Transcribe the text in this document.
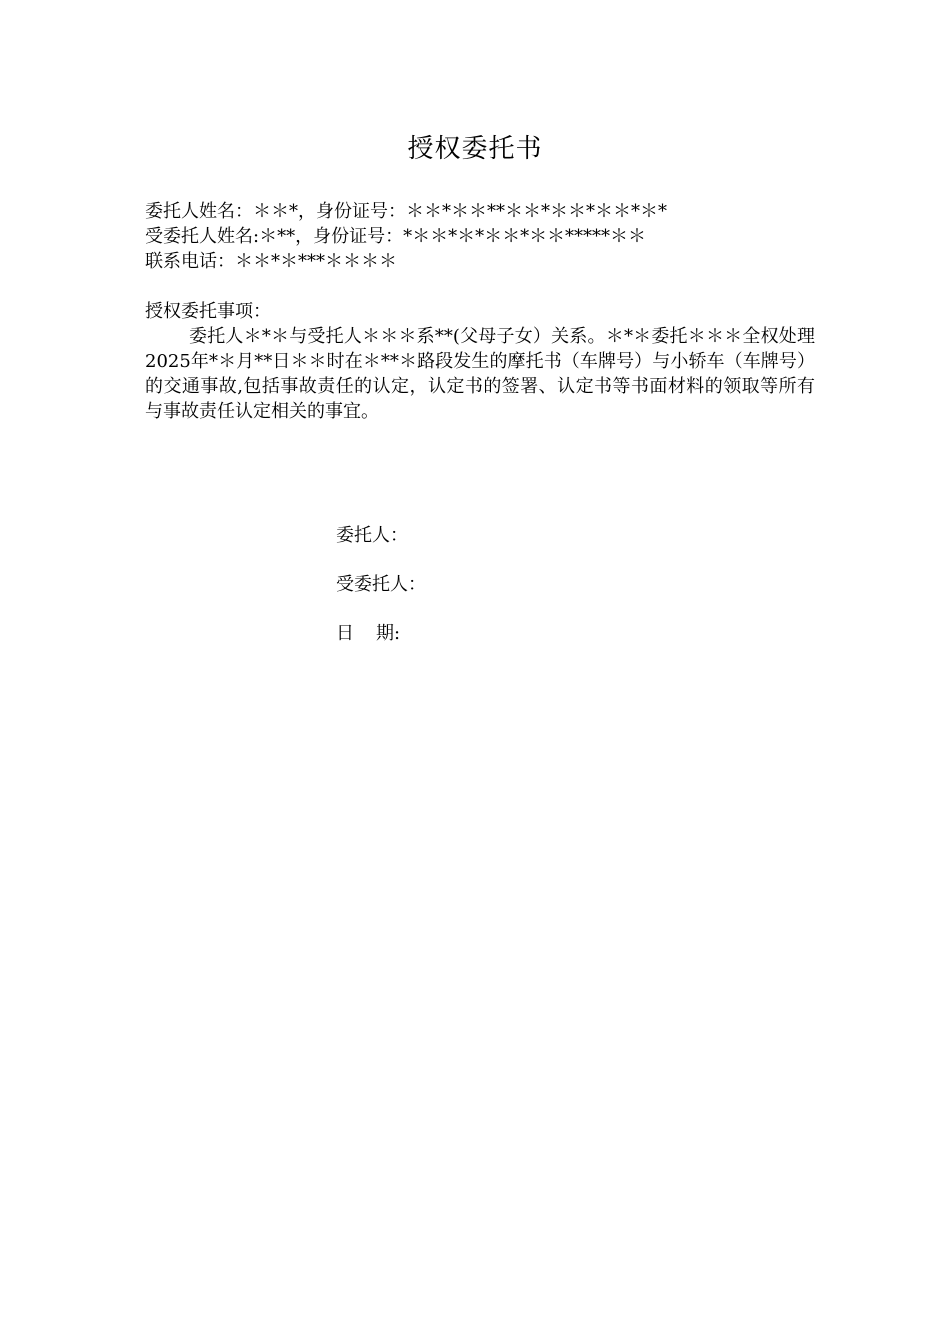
授权委托书
委托人姓名：＊＊*，身份证号：＊＊*＊＊**＊＊*＊＊*＊＊*＊*
受委托人姓名:＊**，身份证号：*＊＊*＊*＊＊*＊＊*****＊＊
联系电话：＊＊*＊***＊＊＊＊
授权委托事项：
委托人＊*＊与受托人＊＊＊系**(父母子女）关系。＊*＊委托＊＊＊全权处理2025年*＊月**日＊＊时在＊**＊路段发生的摩托书（车牌号）与小轿车（车牌号）的交通事故,包括事故责任的认定，认定书的签署、认定书等书面材料的领取等所有与事故责任认定相关的事宜。
委托人：
受委托人：
日 期:
